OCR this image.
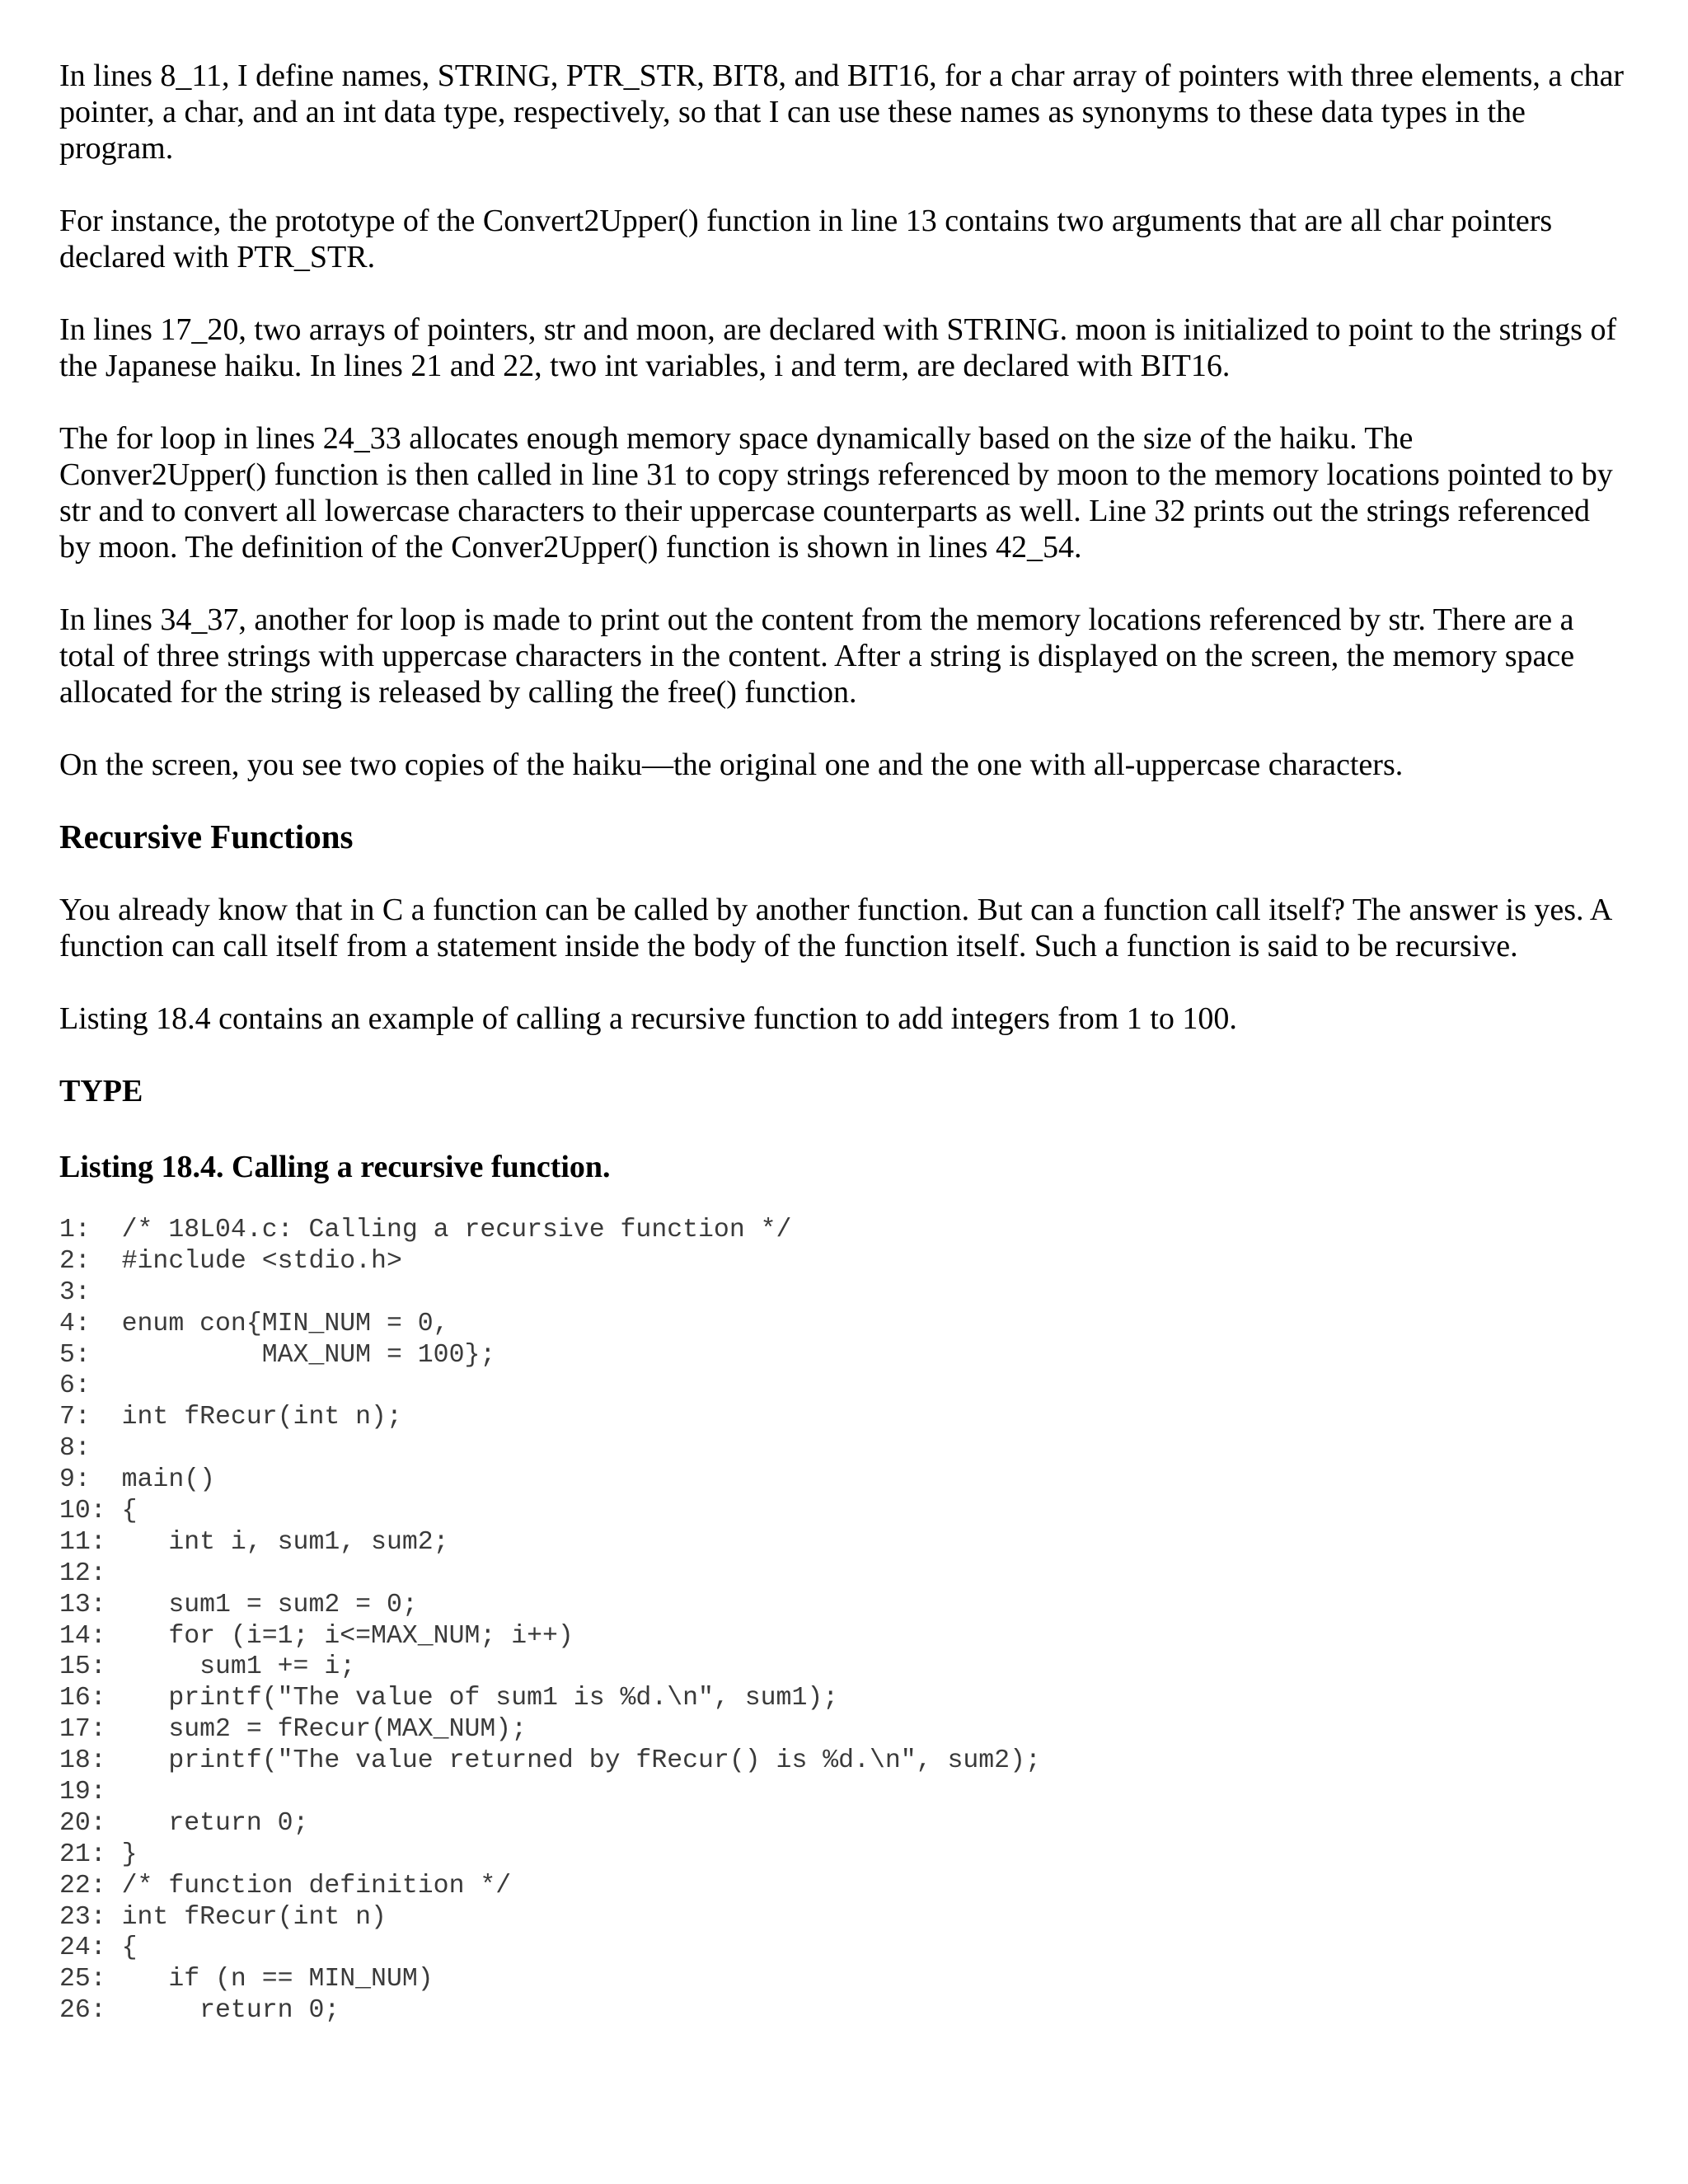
In lines 8_11, I define names, STRING, PTR_STR, BIT8, and BIT16, for a char array of pointers with three elements, a char pointer, a char, and an int data type, respectively, so that I can use these names as synonyms to these data types in the program.

For instance, the prototype of the Convert2Upper() function in line 13 contains two arguments that are all char pointers declared with PTR_STR.

In lines 17_20, two arrays of pointers, str and moon, are declared with STRING. moon is initialized to point to the strings of the Japanese haiku. In lines 21 and 22, two int variables, i and term, are declared with BIT16.

The for loop in lines 24_33 allocates enough memory space dynamically based on the size of the haiku. The Conver2Upper() function is then called in line 31 to copy strings referenced by moon to the memory locations pointed to by str and to convert all lowercase characters to their uppercase counterparts as well. Line 32 prints out the strings referenced by moon. The definition of the Conver2Upper() function is shown in lines 42_54.

In lines 34_37, another for loop is made to print out the content from the memory locations referenced by str. There are a total of three strings with uppercase characters in the content. After a string is displayed on the screen, the memory space allocated for the string is released by calling the free() function.

On the screen, you see two copies of the haiku—the original one and the one with all-uppercase characters.

Recursive Functions

You already know that in C a function can be called by another function. But can a function call itself? The answer is yes. A function can call itself from a statement inside the body of the function itself. Such a function is said to be recursive.

Listing 18.4 contains an example of calling a recursive function to add integers from 1 to 100.

TYPE
Listing 18.4. Calling a recursive function.
1:  /* 18L04.c: Calling a recursive function */
2:  #include <stdio.h>
3:
4:  enum con{MIN_NUM = 0,
5:           MAX_NUM = 100};
6:
7:  int fRecur(int n);
8:
9:  main()
10: {
11:    int i, sum1, sum2;
12:
13:    sum1 = sum2 = 0;
14:    for (i=1; i<=MAX_NUM; i++)
15:      sum1 += i;
16:    printf("The value of sum1 is %d.\n", sum1);
17:    sum2 = fRecur(MAX_NUM);
18:    printf("The value returned by fRecur() is %d.\n", sum2);
19:
20:    return 0;
21: }
22: /* function definition */
23: int fRecur(int n)
24: {
25:    if (n == MIN_NUM)
26:      return 0;
